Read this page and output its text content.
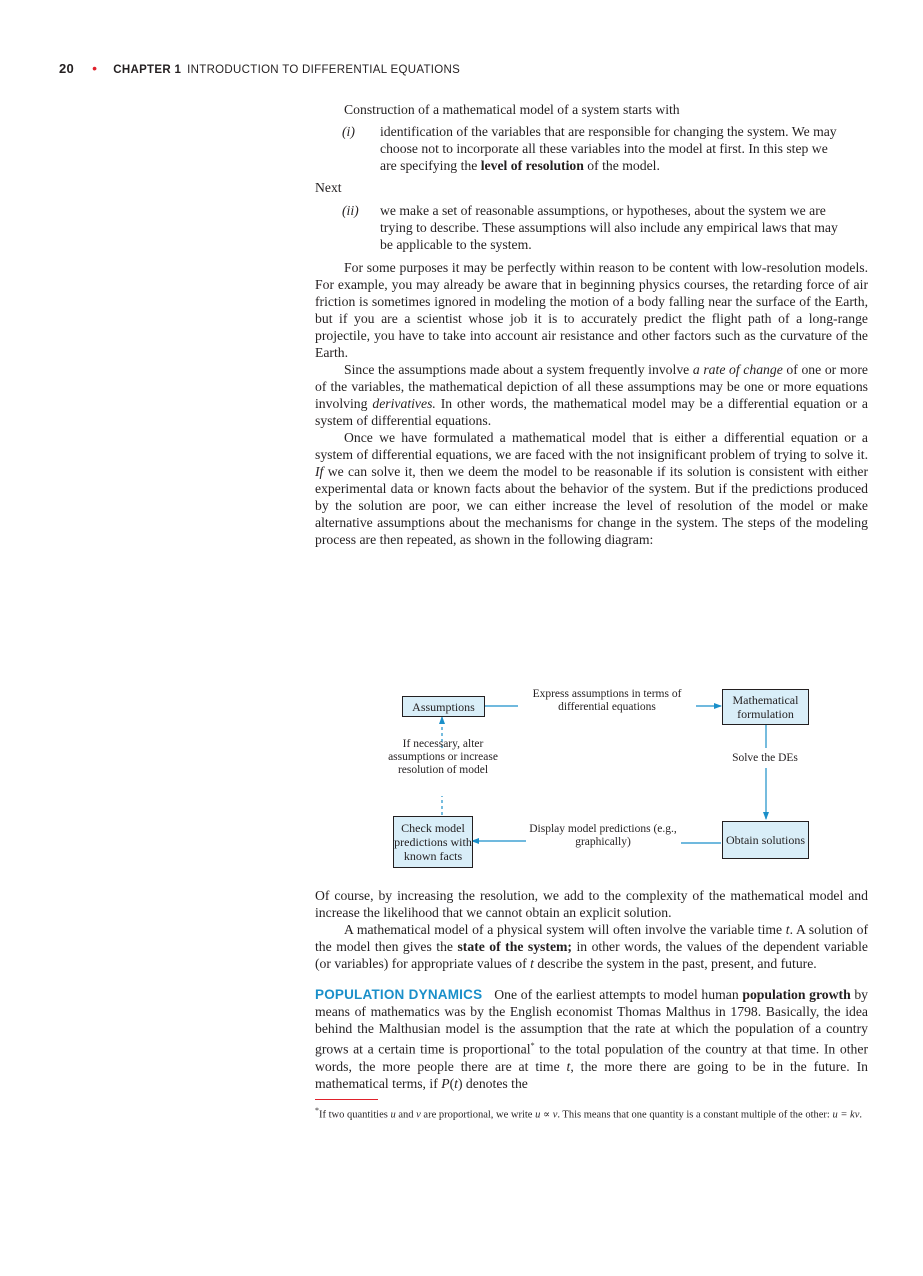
20 • CHAPTER 1 INTRODUCTION TO DIFFERENTIAL EQUATIONS

Construction of a mathematical model of a system starts with

(i)	identification of the variables that are responsible for changing the system. We may choose not to incorporate all these variables into the model at first. In this step we are specifying the level of resolution of the model.

Next

(ii)	we make a set of reasonable assumptions, or hypotheses, about the system we are trying to describe. These assumptions will also include any empirical laws that may be applicable to the system.

For some purposes it may be perfectly within reason to be content with low-resolution models. For example, you may already be aware that in beginning physics courses, the retarding force of air friction is sometimes ignored in modeling the motion of a body falling near the surface of the Earth, but if you are a scientist whose job it is to accurately predict the flight path of a long-range projectile, you have to take into account air resistance and other factors such as the curvature of the Earth.

Since the assumptions made about a system frequently involve a rate of change of one or more of the variables, the mathematical depiction of all these assumptions may be one or more equations involving derivatives. In other words, the mathematical model may be a differential equation or a system of differential equations.

Once we have formulated a mathematical model that is either a differential equation or a system of differential equations, we are faced with the not insignificant problem of trying to solve it. If we can solve it, then we deem the model to be reasonable if its solution is consistent with either experimental data or known facts about the behavior of the system. But if the predictions produced by the solution are poor, we can either increase the level of resolution of the model or make alternative assumptions about the mechanisms for change in the system. The steps of the modeling process are then repeated, as shown in the following diagram:

Assumptions	Mathematical formulation
Obtain solutions
Check model predictions with known facts
Express assumptions in terms of differential equations
Solve the DEs
Display model predictions (e.g., graphically)
If necessary, alter assumptions or increase resolution of model

Of course, by increasing the resolution, we add to the complexity of the mathematical model and increase the likelihood that we cannot obtain an explicit solution.

A mathematical model of a physical system will often involve the variable time t. A solution of the model then gives the state of the system; in other words, the values of the dependent variable (or variables) for appropriate values of t describe the system in the past, present, and future.

POPULATION DYNAMICS One of the earliest attempts to model human population growth by means of mathematics was by the English economist Thomas Malthus in 1798. Basically, the idea behind the Malthusian model is the assumption that the rate at which the population of a country grows at a certain time is proportional* to the total population of the country at that time. In other words, the more people there are at time t, the more there are going to be in the future. In mathematical terms, if P(t) denotes the

*If two quantities u and v are proportional, we write u ∝ v. This means that one quantity is a constant multiple of the other: u = kv.
